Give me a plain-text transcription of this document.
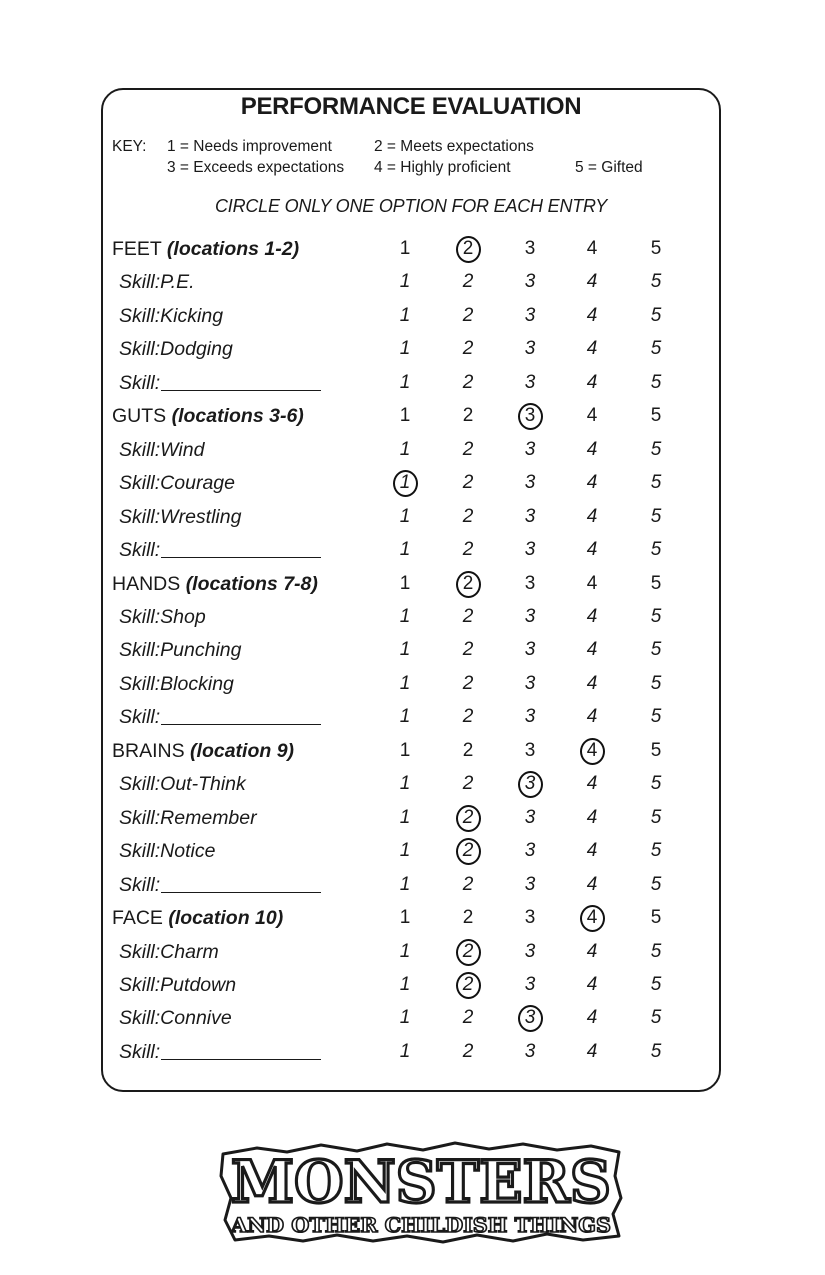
PERFORMANCE EVALUATION
KEY: 1 = Needs improvement	2 = Meets expectations
3 = Exceeds expectations 4 = Highly proficient	5 = Gifted
CIRCLE ONLY ONE OPTION FOR EACH ENTRY
FEET (locations 1-2)	1	2	3	4	5
Skill:P.E.	1	2	3	4	5
Skill:Kicking	1	2	3	4	5
Skill:Dodging	1	2	3	4	5
Skill:	1	2	3	4	5
GUTS (locations 3-6)	1	2	3	4	5
Skill:Wind	1	2	3	4	5
Skill:Courage	1	2	3	4	5
Skill:Wrestling	1	2	3	4	5
Skill:	1	2	3	4	5
HANDS (locations 7-8)	1	2	3	4	5
Skill:Shop	1	2	3	4	5
Skill:Punching	1	2	3	4	5
Skill:Blocking	1	2	3	4	5
Skill:	1	2	3	4	5
BRAINS (location 9)	1	2	3	4	5
Skill:Out-Think	1	2	3	4	5
Skill:Remember	1	2	3	4	5
Skill:Notice	1	2	3	4	5
Skill:	1	2	3	4	5
FACE (location 10)	1	2	3	4	5
Skill:Charm	1	2	3	4	5
Skill:Putdown	1	2	3	4	5
Skill:Connive	1	2	3	4	5
Skill:	1	2	3	4	5
MONSTERS
AND OTHER CHILDISH THINGS
